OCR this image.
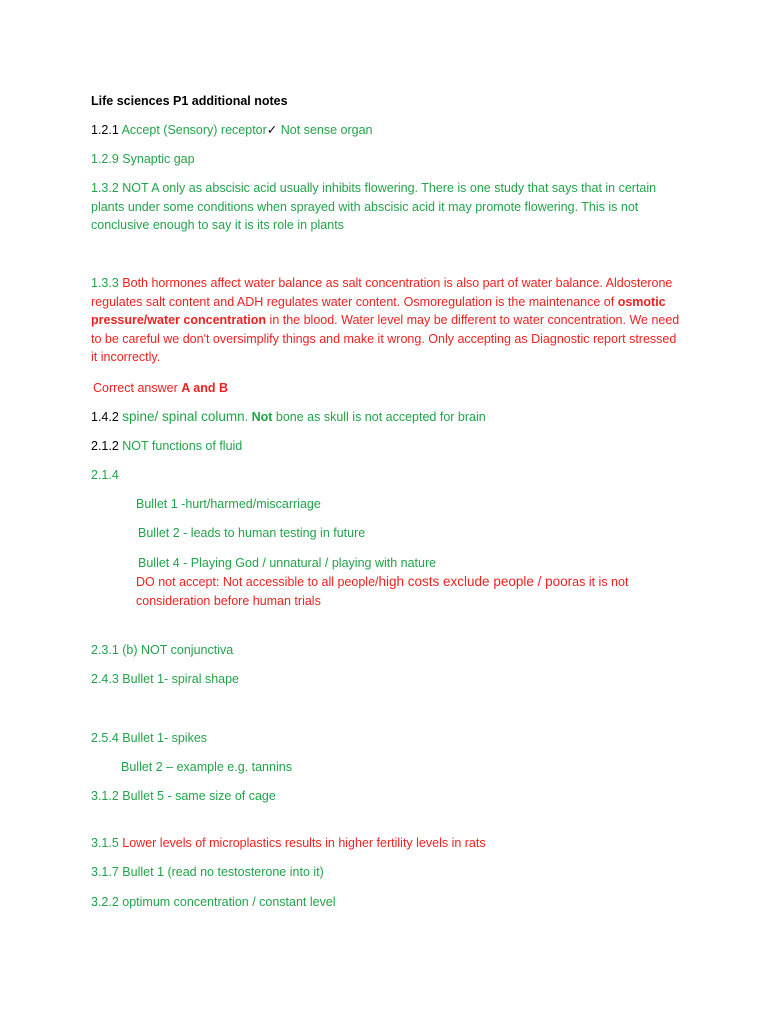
Life sciences P1 additional notes
1.2.1 Accept (Sensory) receptor✓ Not sense organ
1.2.9 Synaptic gap
1.3.2 NOT A only as abscisic acid usually inhibits flowering. There is one study that says that in certain plants under some conditions when sprayed with abscisic acid it may promote flowering. This is not conclusive enough to say it is its role in plants
1.3.3 Both hormones affect water balance as salt concentration is also part of water balance. Aldosterone regulates salt content and ADH regulates water content. Osmoregulation is the maintenance of osmotic pressure/water concentration in the blood. Water level may be different to water concentration. We need to be careful we don't oversimplify things and make it wrong. Only accepting as Diagnostic report stressed it incorrectly.
Correct answer A and B
1.4.2 spine/ spinal column. Not bone as skull is not accepted for brain
2.1.2 NOT functions of fluid
2.1.4
Bullet 1 -hurt/harmed/miscarriage
Bullet 2 - leads to human testing in future
Bullet 4 - Playing God / unnatural / playing with nature
DO not accept: Not accessible to all people/high costs exclude people / pooras it is not consideration before human trials
2.3.1 (b) NOT conjunctiva
2.4.3 Bullet 1- spiral shape
2.5.4 Bullet 1- spikes
Bullet 2 – example e.g. tannins
3.1.2 Bullet 5 - same size of cage
3.1.5 Lower levels of microplastics results in higher fertility levels in rats
3.1.7 Bullet 1 (read no testosterone into it)
3.2.2 optimum concentration / constant level
